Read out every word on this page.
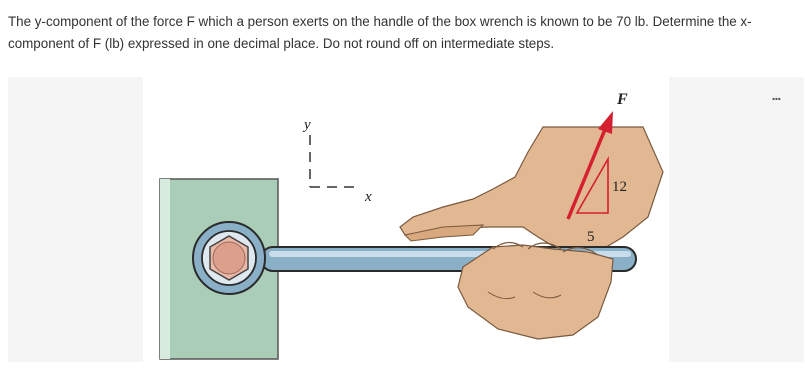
The y-component of the force F which a person exerts on the handle of the box wrench is known to be 70 lb. Determine the x-component of F (lb) expressed in one decimal place. Do not round off on intermediate steps.
...
y
x
12
5
F
